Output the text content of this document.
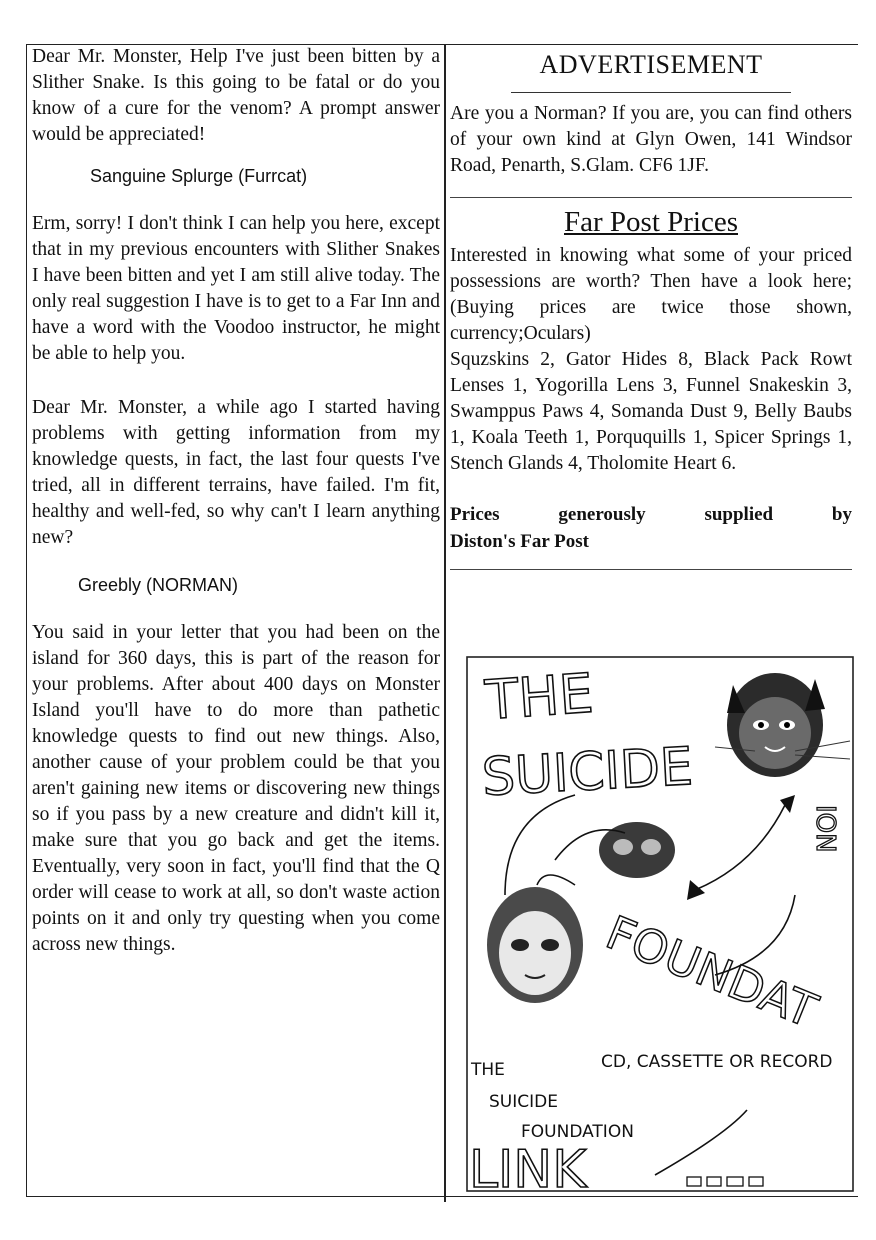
Dear Mr. Monster, Help I've just been bitten by a Slither Snake. Is this going to be fatal or do you know of a cure for the venom? A prompt answer would be appreciated!

Sanguine Splurge (Furrcat)

Erm, sorry! I don't think I can help you here, except that in my previous encounters with Slither Snakes I have been bitten and yet I am still alive today. The only real suggestion I have is to get to a Far Inn and have a word with the Voodoo instructor, he might be able to help you.

Dear Mr. Monster, a while ago I started having problems with getting information from my knowledge quests, in fact, the last four quests I've tried, all in different terrains, have failed. I'm fit, healthy and well-fed, so why can't I learn anything new?

Greebly (NORMAN)

You said in your letter that you had been on the island for 360 days, this is part of the reason for your problems. After about 400 days on Monster Island you'll have to do more than pathetic knowledge quests to find out new things. Also, another cause of your problem could be that you aren't gaining new items or discovering new things so if you pass by a new creature and didn't kill it, make sure that you go back and get the items. Eventually, very soon in fact, you'll find that the Q order will cease to work at all, so don't waste action points on it and only try questing when you come across new things.

ADVERTISEMENT

Are you a Norman? If you are, you can find others of your own kind at Glyn Owen, 141 Windsor Road, Penarth, S.Glam. CF6 1JF.

Far Post Prices

Interested in knowing what some of your priced possessions are worth? Then have a look here; (Buying prices are twice those shown, currency;Oculars)

Squzskins 2, Gator Hides 8, Black Pack Rowt Lenses 1, Yogorilla Lens 3, Funnel Snakeskin 3, Swamppus Paws 4, Somanda Dust 9, Belly Baubs 1, Koala Teeth 1, Porququills 1, Spicer Springs 1, Stench Glands 4, Tholomite Heart 6.

Prices generously supplied by

Diston's Far Post

THE
SUICIDE
FOUNDAT
ION
CD, CASSETTE OR RECORD
THE
SUICIDE
FOUNDATION
LINK
